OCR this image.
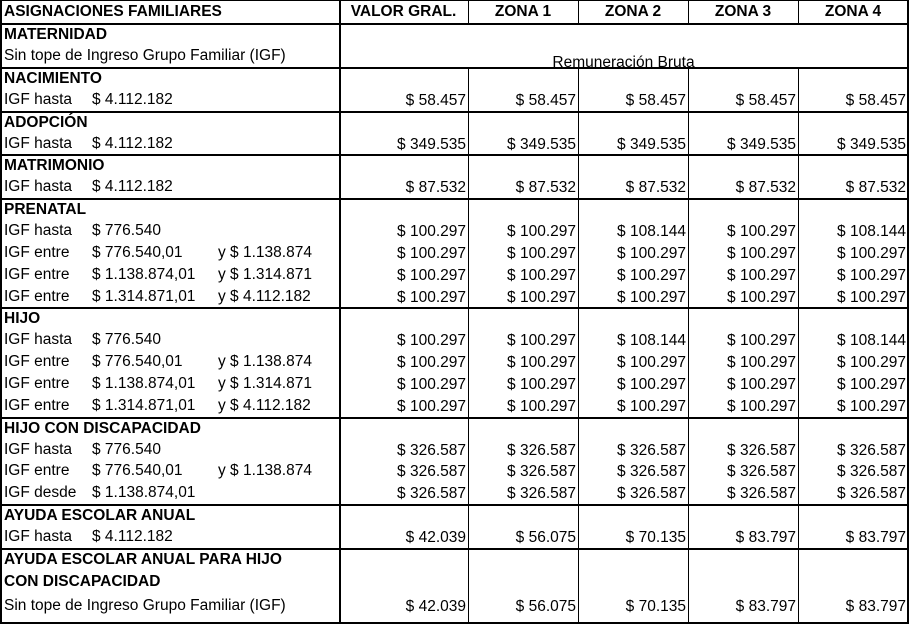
ASIGNACIONES FAMILIARES	VALOR GRAL.	ZONA 1	ZONA 2	ZONA 3	ZONA 4
MATERNIDAD
Sin tope de Ingreso Grupo Familiar (IGF)	Remuneración Bruta
NACIMIENTO
IGF hasta	$ 4.112.182	$ 58.457	$ 58.457	$ 58.457	$ 58.457	$ 58.457
ADOPCIÓN
IGF hasta	$ 4.112.182	$ 349.535	$ 349.535	$ 349.535	$ 349.535	$ 349.535
MATRIMONIO
IGF hasta	$ 4.112.182	$ 87.532	$ 87.532	$ 87.532	$ 87.532	$ 87.532
PRENATAL
IGF hasta	$ 776.540	$ 100.297	$ 100.297	$ 108.144	$ 100.297	$ 108.144
IGF entre	$ 776.540,01	y $ 1.138.874	$ 100.297	$ 100.297	$ 100.297	$ 100.297	$ 100.297
IGF entre	$ 1.138.874,01	y $ 1.314.871	$ 100.297	$ 100.297	$ 100.297	$ 100.297	$ 100.297
IGF entre	$ 1.314.871,01	y $ 4.112.182	$ 100.297	$ 100.297	$ 100.297	$ 100.297	$ 100.297
HIJO
IGF hasta	$ 776.540	$ 100.297	$ 100.297	$ 108.144	$ 100.297	$ 108.144
IGF entre	$ 776.540,01	y $ 1.138.874	$ 100.297	$ 100.297	$ 100.297	$ 100.297	$ 100.297
IGF entre	$ 1.138.874,01	y $ 1.314.871	$ 100.297	$ 100.297	$ 100.297	$ 100.297	$ 100.297
IGF entre	$ 1.314.871,01	y $ 4.112.182	$ 100.297	$ 100.297	$ 100.297	$ 100.297	$ 100.297
HIJO CON DISCAPACIDAD
IGF hasta	$ 776.540	$ 326.587	$ 326.587	$ 326.587	$ 326.587	$ 326.587
IGF entre	$ 776.540,01	y $ 1.138.874	$ 326.587	$ 326.587	$ 326.587	$ 326.587	$ 326.587
IGF desde	$ 1.138.874,01	$ 326.587	$ 326.587	$ 326.587	$ 326.587	$ 326.587
AYUDA ESCOLAR ANUAL
IGF hasta	$ 4.112.182	$ 42.039	$ 56.075	$ 70.135	$ 83.797	$ 83.797
AYUDA ESCOLAR ANUAL PARA HIJO
CON DISCAPACIDAD
Sin tope de Ingreso Grupo Familiar (IGF)	$ 42.039	$ 56.075	$ 70.135	$ 83.797	$ 83.797
